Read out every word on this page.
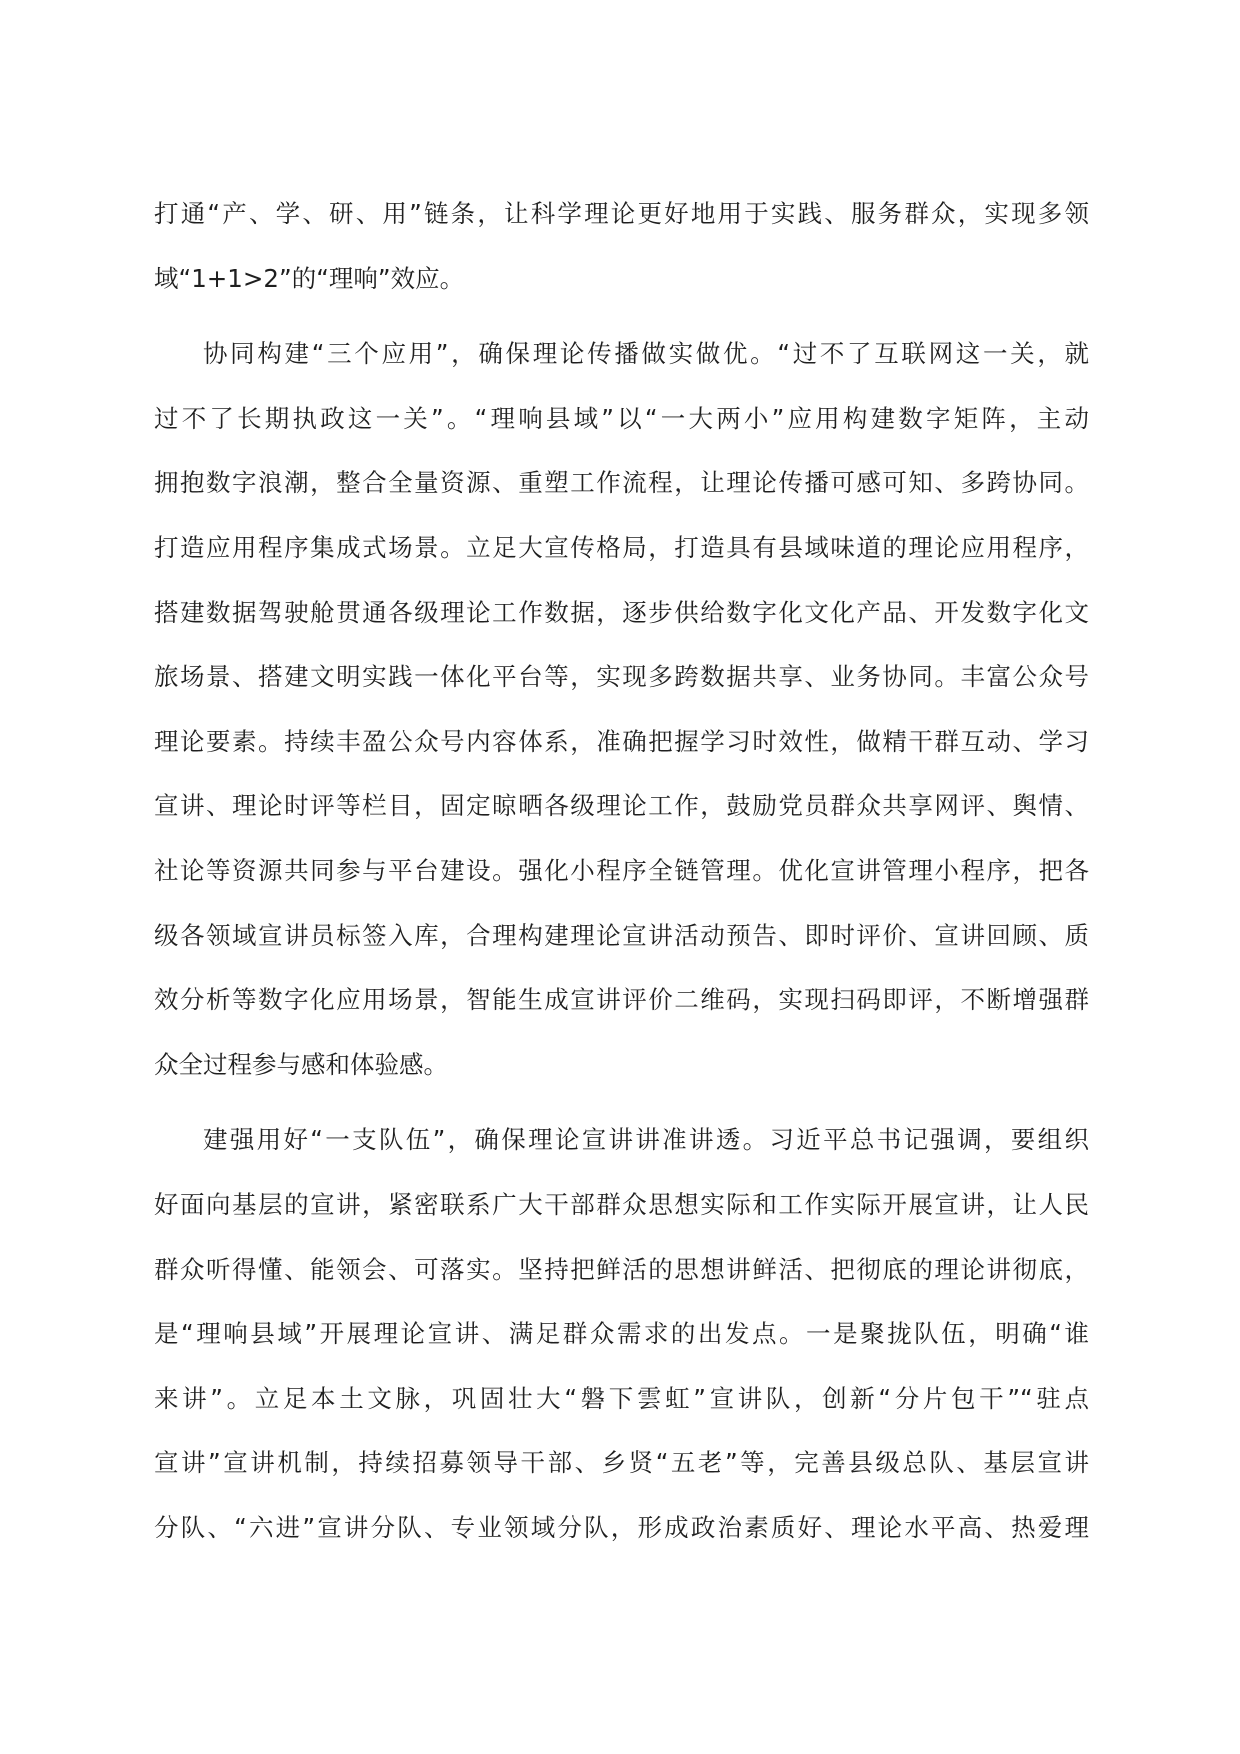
打通“产、学、研、用”链条，让科学理论更好地用于实践、服务群众，实现多领
域“1+1>2”的“理响”效应。

协同构建“三个应用”，确保理论传播做实做优。“过不了互联网这一关，就
过不了长期执政这一关”。“理响县域”以“一大两小”应用构建数字矩阵，主动
拥抱数字浪潮，整合全量资源、重塑工作流程，让理论传播可感可知、多跨协同。
打造应用程序集成式场景。立足大宣传格局，打造具有县域味道的理论应用程序，
搭建数据驾驶舱贯通各级理论工作数据，逐步供给数字化文化产品、开发数字化文
旅场景、搭建文明实践一体化平台等，实现多跨数据共享、业务协同。丰富公众号
理论要素。持续丰盈公众号内容体系，准确把握学习时效性，做精干群互动、学习
宣讲、理论时评等栏目，固定晾晒各级理论工作，鼓励党员群众共享网评、舆情、
社论等资源共同参与平台建设。强化小程序全链管理。优化宣讲管理小程序，把各
级各领域宣讲员标签入库，合理构建理论宣讲活动预告、即时评价、宣讲回顾、质
效分析等数字化应用场景，智能生成宣讲评价二维码，实现扫码即评，不断增强群
众全过程参与感和体验感。

建强用好“一支队伍”，确保理论宣讲讲准讲透。习近平总书记强调，要组织
好面向基层的宣讲，紧密联系广大干部群众思想实际和工作实际开展宣讲，让人民
群众听得懂、能领会、可落实。坚持把鲜活的思想讲鲜活、把彻底的理论讲彻底，
是“理响县域”开展理论宣讲、满足群众需求的出发点。一是聚拢队伍，明确“谁
来讲”。立足本土文脉，巩固壮大“磐下雲虹”宣讲队，创新“分片包干”“驻点
宣讲”宣讲机制，持续招募领导干部、乡贤“五老”等，完善县级总队、基层宣讲
分队、“六进”宣讲分队、专业领域分队，形成政治素质好、理论水平高、热爱理
